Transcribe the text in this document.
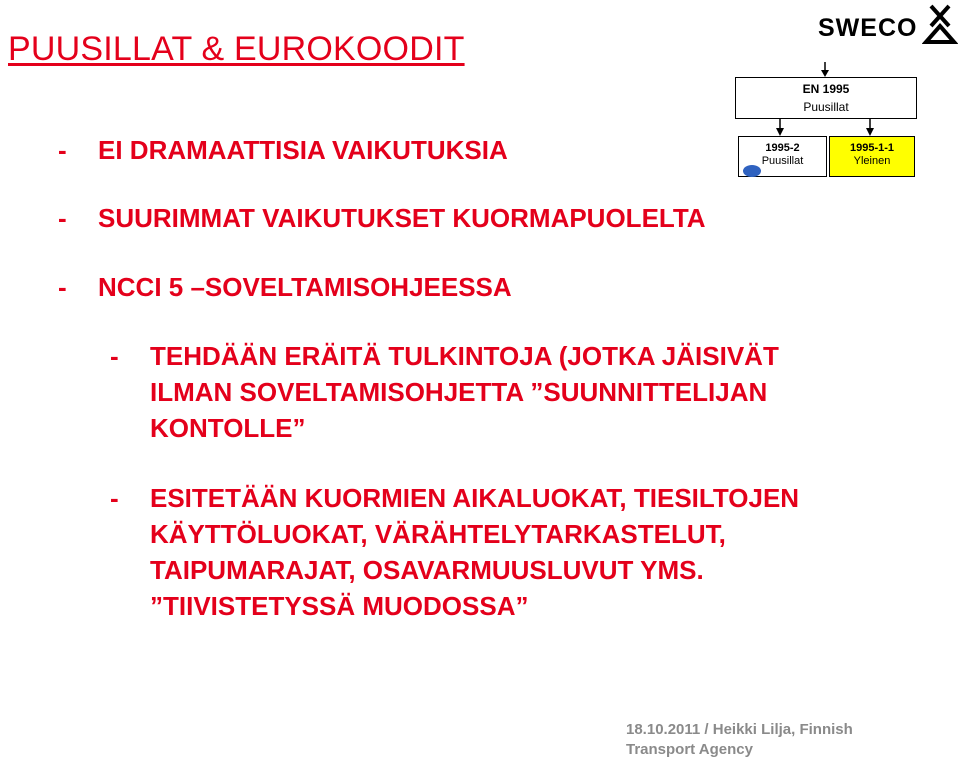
PUUSILLAT & EUROKOODIT
SWECO
EN 1995
Puusillat
1995-2
Puusillat
1995-1-1
Yleinen
- EI DRAMAATTISIA VAIKUTUKSIA
- SUURIMMAT VAIKUTUKSET KUORMAPUOLELTA
- NCCI 5 –SOVELTAMISOHJEESSA
- TEHDÄÄN ERÄITÄ TULKINTOJA (JOTKA JÄISIVÄT
ILMAN SOVELTAMISOHJETTA ”SUUNNITTELIJAN
KONTOLLE”
- ESITETÄÄN KUORMIEN AIKALUOKAT, TIESILTOJEN
KÄYTTÖLUOKAT, VÄRÄHTELYTARKASTELUT,
TAIPUMARAJAT, OSAVARMUUSLUVUT YMS.
”TIIVISTETYSSÄ MUODOSSA”
18.10.2011 / Heikki Lilja, Finnish
Transport Agency
